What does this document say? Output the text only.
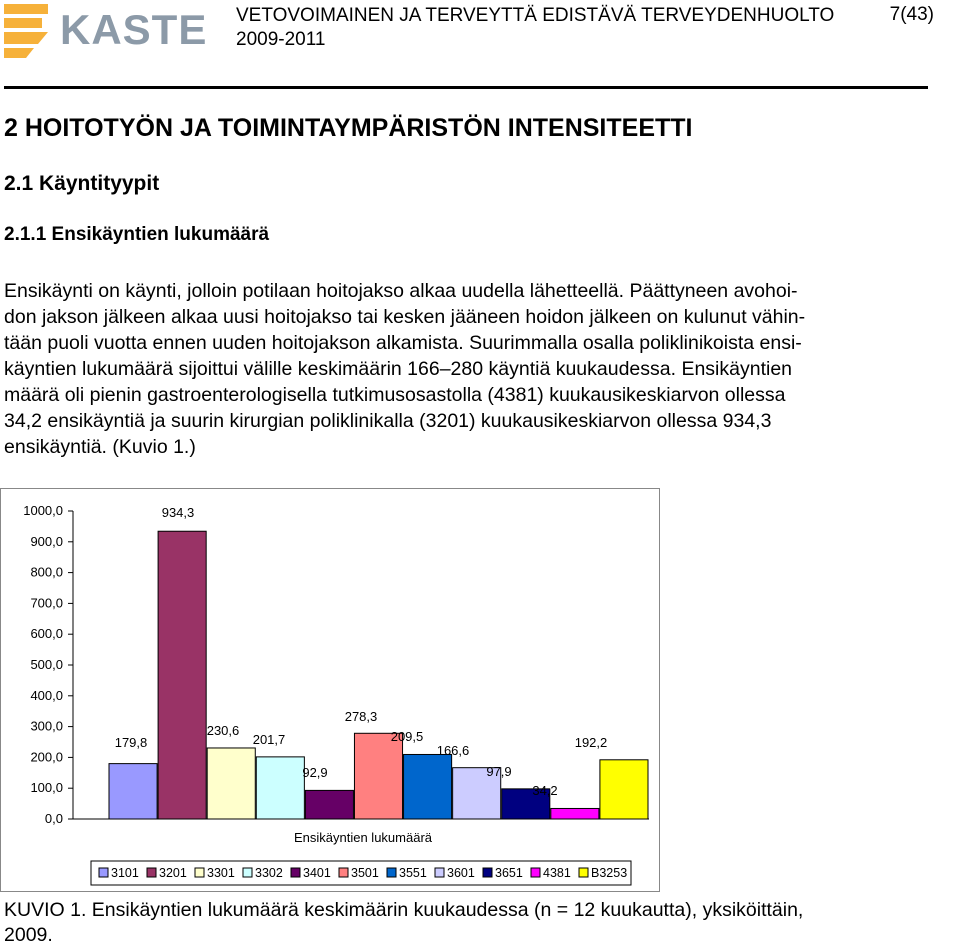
KASTE VETOVOIMAINEN JA TERVEYTTÄ EDISTÄVÄ TERVEYDENHUOLTO
2009-2011
7(43)
2 HOITOTYÖN JA TOIMINTAYMPÄRISTÖN INTENSITEETTI
2.1 Käyntityypit
2.1.1 Ensikäyntien lukumäärä
Ensikäynti on käynti, jolloin potilaan hoitojakso alkaa uudella lähetteellä. Päättyneen avohoi-
don jakson jälkeen alkaa uusi hoitojakso tai kesken jääneen hoidon jälkeen on kulunut vähin-
tään puoli vuotta ennen uuden hoitojakson alkamista. Suurimmalla osalla poliklinikoista ensi-
käyntien lukumäärä sijoittui välille keskimäärin 166–280 käyntiä kuukaudessa. Ensikäyntien
määrä oli pienin gastroenterologisella tutkimusosastolla (4381) kuukausikeskiarvon ollessa
34,2 ensikäyntiä ja suurin kirurgian poliklinikalla (3201) kuukausikeskiarvon ollessa 934,3
ensikäyntiä. (Kuvio 1.)
0,0
100,0
200,0
300,0
400,0
500,0
600,0
700,0
800,0
900,0
1000,0
179,8
934,3
230,6
201,7
92,9
278,3
209,5
166,6
97,9
34,2
192,2
Ensikäyntien lukumäärä
3101 3201 3301 3302 3401 3501 3551 3601 3651 4381 B3253
KUVIO 1. Ensikäyntien lukumäärä keskimäärin kuukaudessa (n = 12 kuukautta), yksiköittäin,
2009.
